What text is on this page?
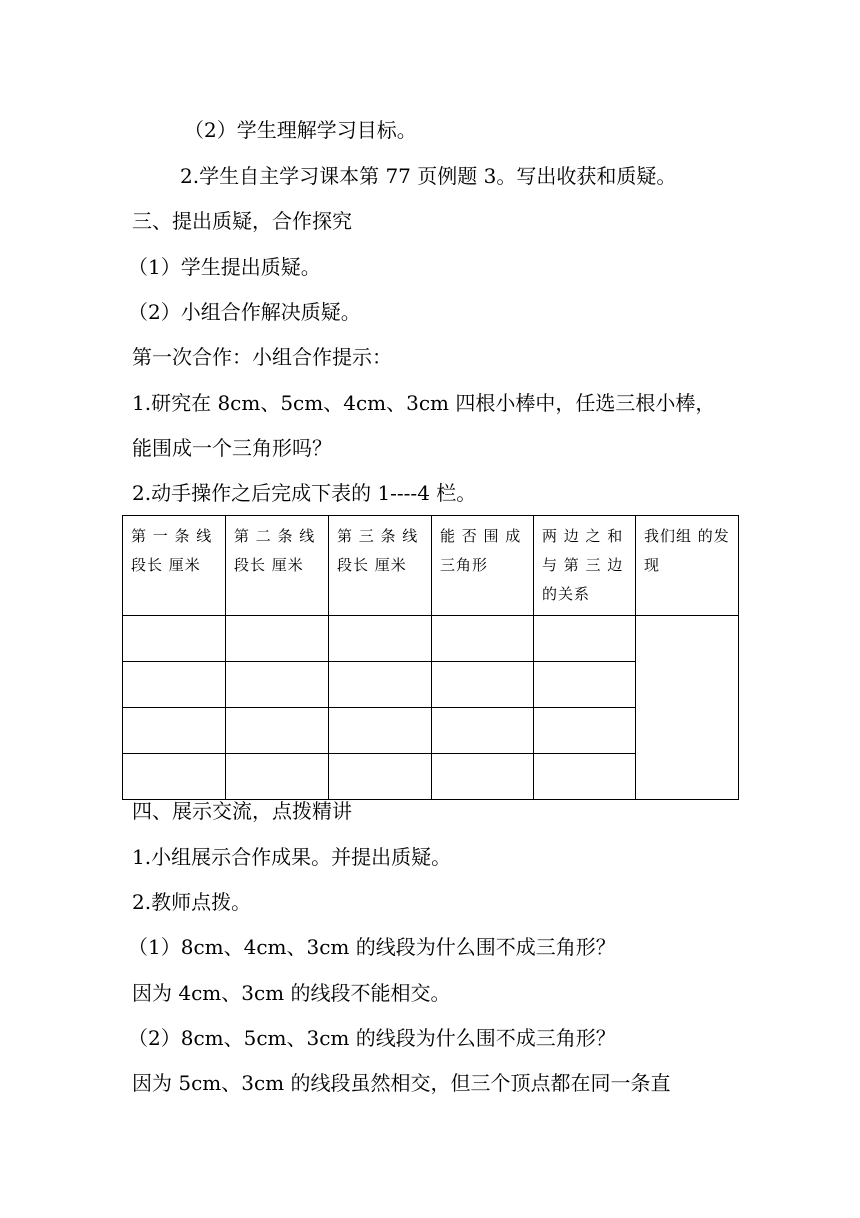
（2）学生理解学习目标。
2.学生自主学习课本第 77 页例题 3。写出收获和质疑。
三、提出质疑，合作探究
（1）学生提出质疑。
（2）小组合作解决质疑。
第一次合作：小组合作提示：
1.研究在 8cm、5cm、4cm、3cm 四根小棒中，任选三根小棒，
能围成一个三角形吗？
2.动手操作之后完成下表的 1----4 栏。
第 一 条 线 段长 厘米	第 二 条 线 段长 厘米	第 三 条 线 段长 厘米	能 否 围 成 三角形	两 边 之 和 与 第 三 边 的关系	我们组 的发现

四、展示交流，点拨精讲
1.小组展示合作成果。并提出质疑。
2.教师点拨。
（1）8cm、4cm、3cm 的线段为什么围不成三角形？
因为 4cm、3cm 的线段不能相交。
（2）8cm、5cm、3cm 的线段为什么围不成三角形？
因为 5cm、3cm 的线段虽然相交，但三个顶点都在同一条直
